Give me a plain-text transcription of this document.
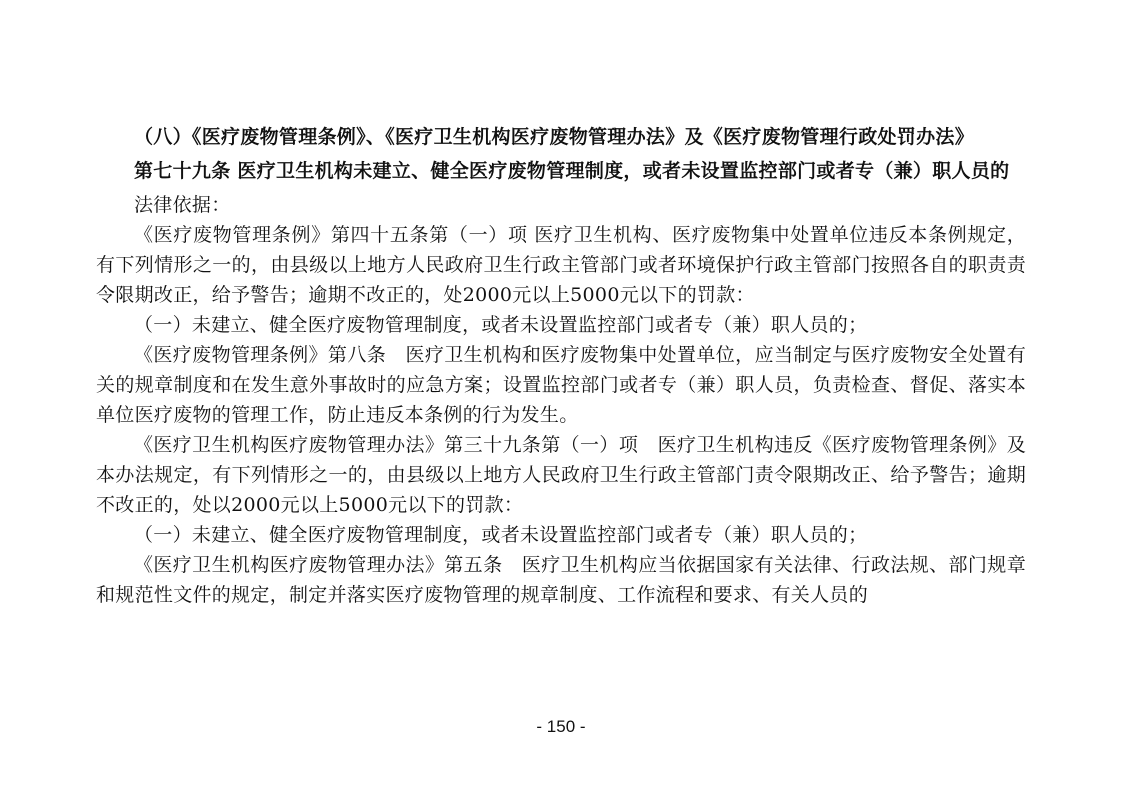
（八）《医疗废物管理条例》、《医疗卫生机构医疗废物管理办法》及《医疗废物管理行政处罚办法》

第七十九条 医疗卫生机构未建立、健全医疗废物管理制度，或者未设置监控部门或者专（兼）职人员的

法律依据：

《医疗废物管理条例》第四十五条第（一）项 医疗卫生机构、医疗废物集中处置单位违反本条例规定，有下列情形之一的，由县级以上地方人民政府卫生行政主管部门或者环境保护行政主管部门按照各自的职责责令限期改正，给予警告；逾期不改正的，处2000元以上5000元以下的罚款：

（一）未建立、健全医疗废物管理制度，或者未设置监控部门或者专（兼）职人员的；

《医疗废物管理条例》第八条　医疗卫生机构和医疗废物集中处置单位，应当制定与医疗废物安全处置有关的规章制度和在发生意外事故时的应急方案；设置监控部门或者专（兼）职人员，负责检查、督促、落实本单位医疗废物的管理工作，防止违反本条例的行为发生。

《医疗卫生机构医疗废物管理办法》第三十九条第（一）项　医疗卫生机构违反《医疗废物管理条例》及本办法规定，有下列情形之一的，由县级以上地方人民政府卫生行政主管部门责令限期改正、给予警告；逾期不改正的，处以2000元以上5000元以下的罚款：

（一）未建立、健全医疗废物管理制度，或者未设置监控部门或者专（兼）职人员的；

《医疗卫生机构医疗废物管理办法》第五条　医疗卫生机构应当依据国家有关法律、行政法规、部门规章和规范性文件的规定，制定并落实医疗废物管理的规章制度、工作流程和要求、有关人员的

- 150 -
